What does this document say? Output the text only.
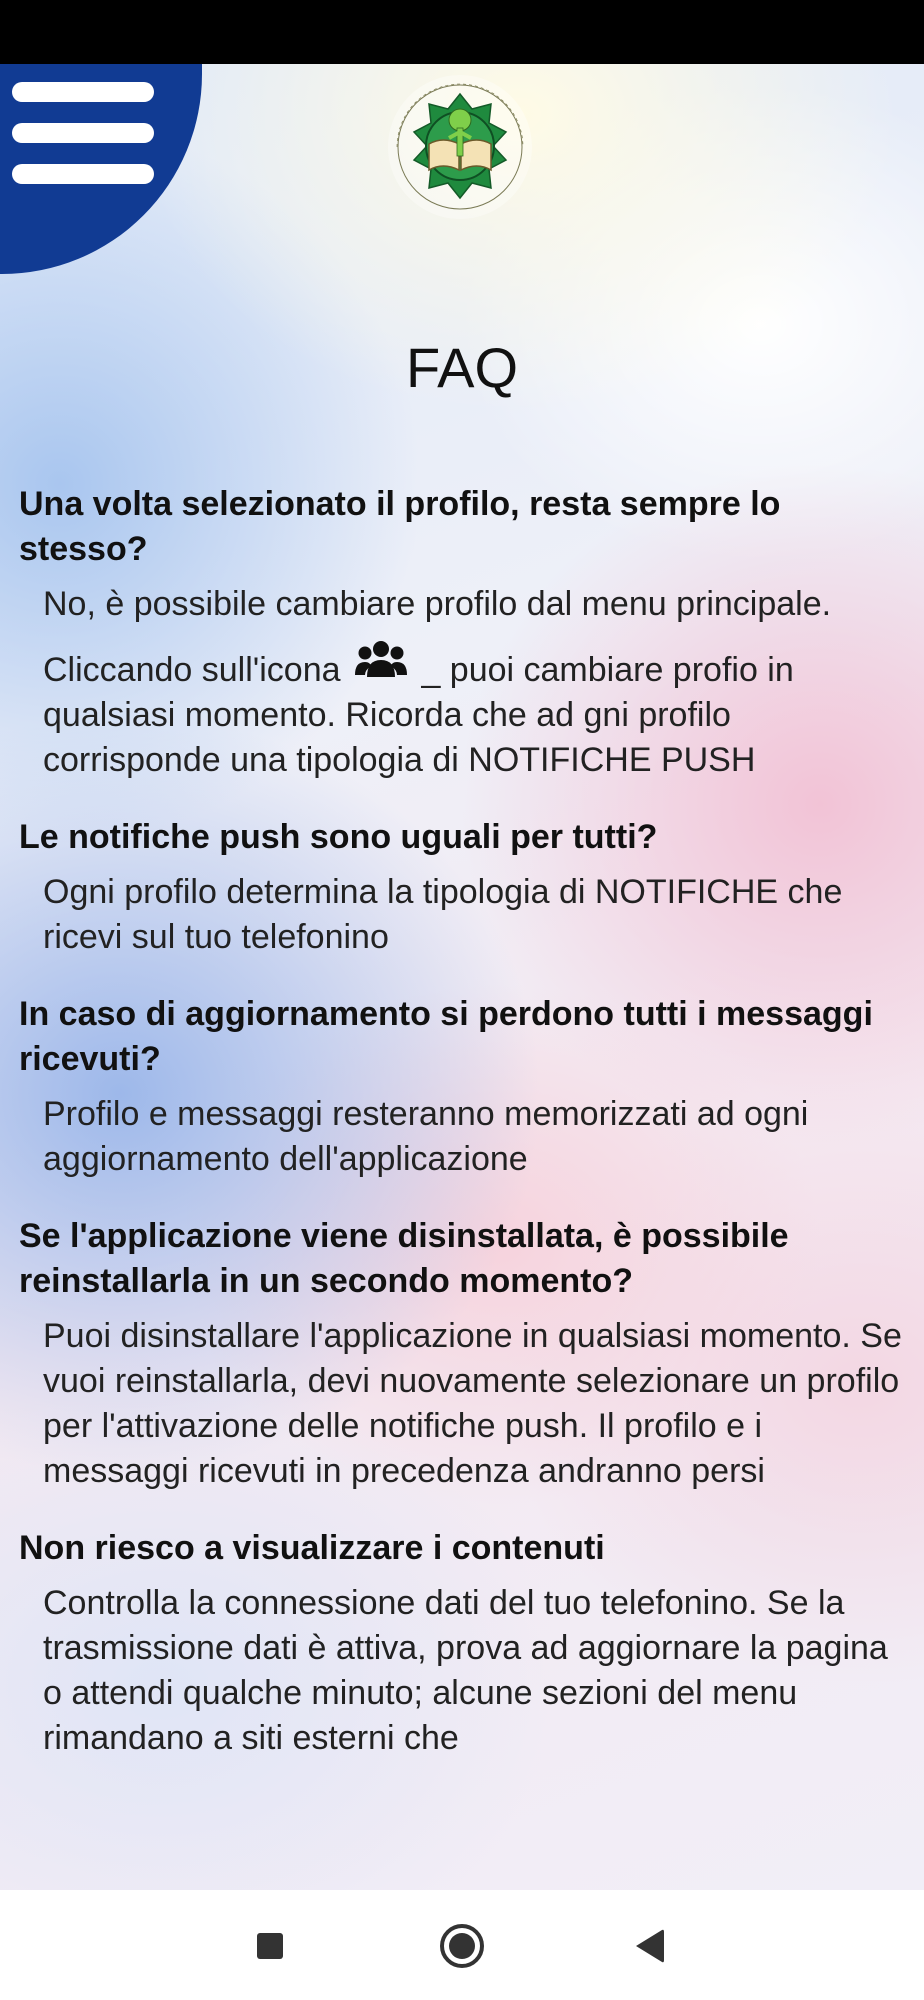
FAQ
Una volta selezionato il profilo, resta sempre lo stesso?

No, è possibile cambiare profilo dal menu principale.

Cliccando sull'icona  _ puoi cambiare profio in qualsiasi momento. Ricorda che ad gni profilo corrisponde una tipologia di NOTIFICHE PUSH

Le notifiche push sono uguali per tutti?
Ogni profilo determina la tipologia di NOTIFICHE che ricevi sul tuo telefonino
In caso di aggiornamento si perdono tutti i messaggi ricevuti?
Profilo e messaggi resteranno memorizzati ad ogni aggiornamento dell'applicazione
Se l'applicazione viene disinstallata, è possibile reinstallarla in un secondo momento?
Puoi disinstallare l'applicazione in qualsiasi momento. Se vuoi reinstallarla, devi nuovamente selezionare un profilo per l'attivazione delle notifiche push. Il profilo e i messaggi ricevuti in precedenza andranno persi
Non riesco a visualizzare i contenuti
Controlla la connessione dati del tuo telefonino. Se la trasmissione dati è attiva, prova ad aggiornare la pagina o attendi qualche minuto; alcune sezioni del menu rimandano a siti esterni che
